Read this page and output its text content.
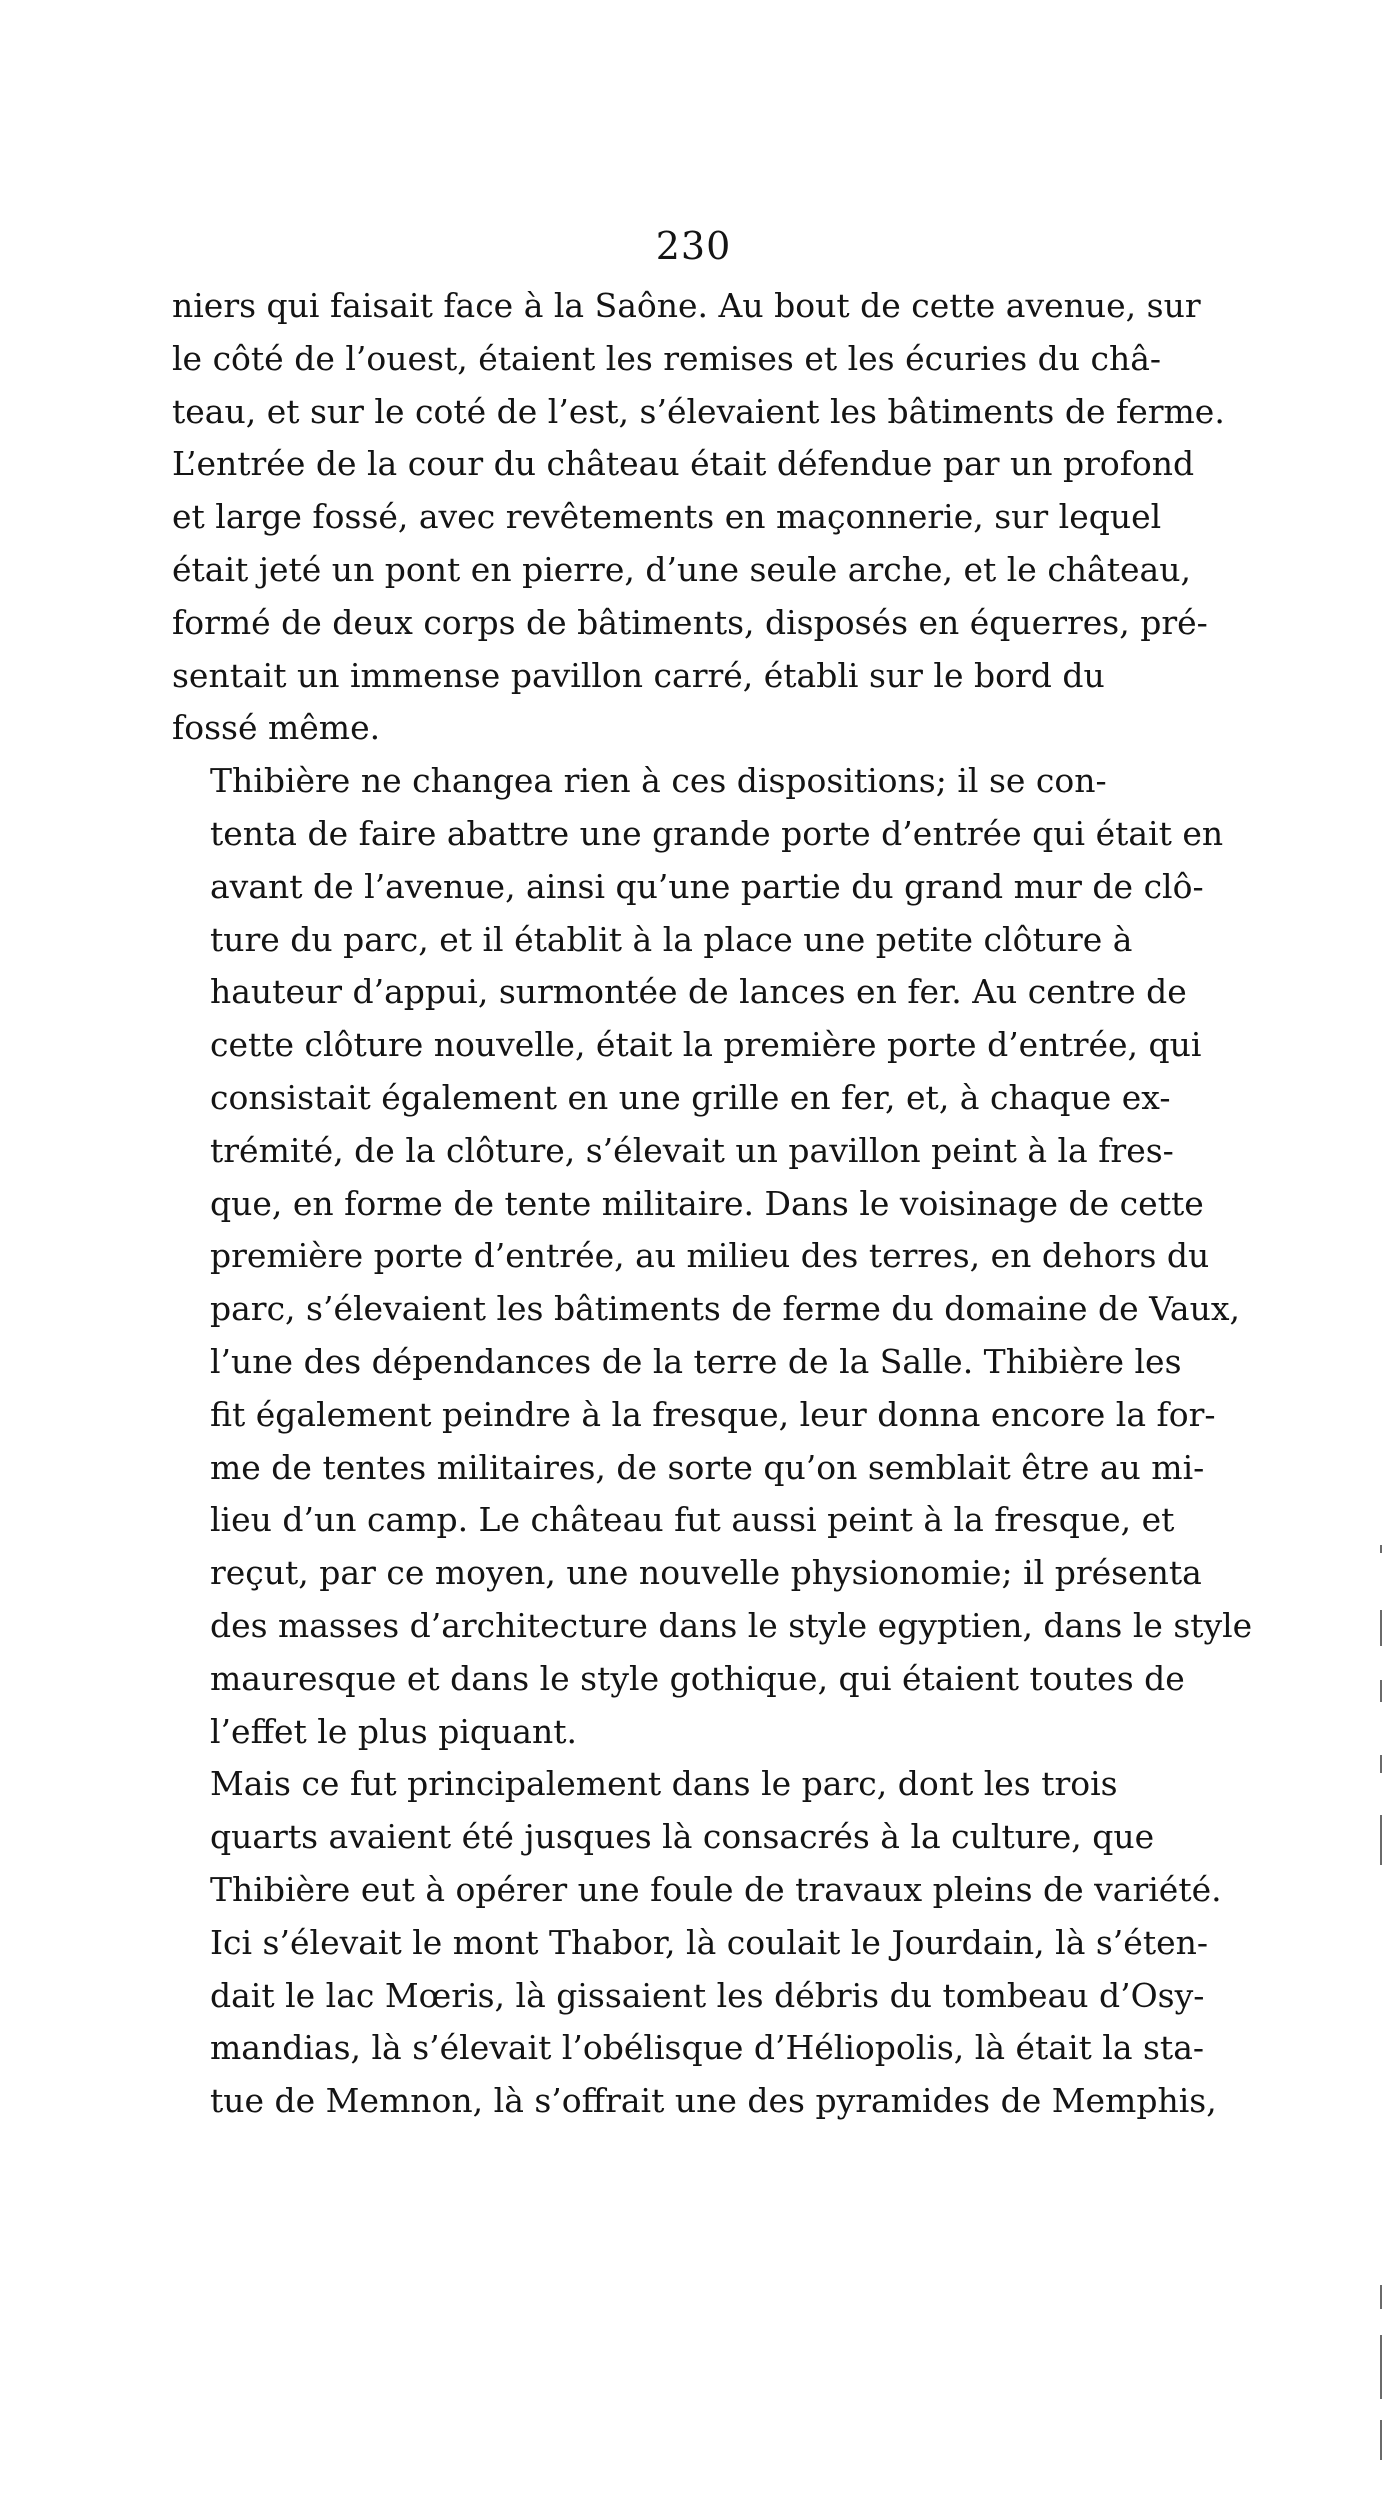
230
niers qui faisait face à la Saône. Au bout de cette avenue, sur
le côté de l’ouest, étaient les remises et les écuries du châ-
teau, et sur le coté de l’est, s’élevaient les bâtiments de ferme.
L’entrée de la cour du château était défendue par un profond
et large fossé, avec revêtements en maçonnerie, sur lequel
était jeté un pont en pierre, d’une seule arche, et le château,
formé de deux corps de bâtiments, disposés en équerres, pré-
sentait un immense pavillon carré, établi sur le bord du
fossé même.
Thibière ne changea rien à ces dispositions; il se con-
tenta de faire abattre une grande porte d’entrée qui était en
avant de l’avenue, ainsi qu’une partie du grand mur de clô-
ture du parc, et il établit à la place une petite clôture à
hauteur d’appui, surmontée de lances en fer. Au centre de
cette clôture nouvelle, était la première porte d’entrée, qui
consistait également en une grille en fer, et, à chaque ex-
trémité, de la clôture, s’élevait un pavillon peint à la fres-
que, en forme de tente militaire. Dans le voisinage de cette
première porte d’entrée, au milieu des terres, en dehors du
parc, s’élevaient les bâtiments de ferme du domaine de Vaux,
l’une des dépendances de la terre de la Salle. Thibière les
fit également peindre à la fresque, leur donna encore la for-
me de tentes militaires, de sorte qu’on semblait être au mi-
lieu d’un camp. Le château fut aussi peint à la fresque, et
reçut, par ce moyen, une nouvelle physionomie; il présenta
des masses d’architecture dans le style egyptien, dans le style
mauresque et dans le style gothique, qui étaient toutes de
l’effet le plus piquant.
Mais ce fut principalement dans le parc, dont les trois
quarts avaient été jusques là consacrés à la culture, que
Thibière eut à opérer une foule de travaux pleins de variété.
Ici s’élevait le mont Thabor, là coulait le Jourdain, là s’éten-
dait le lac Mœris, là gissaient les débris du tombeau d’Osy-
mandias, là s’élevait l’obélisque d’Héliopolis, là était la sta-
tue de Memnon, là s’offrait une des pyramides de Memphis,
